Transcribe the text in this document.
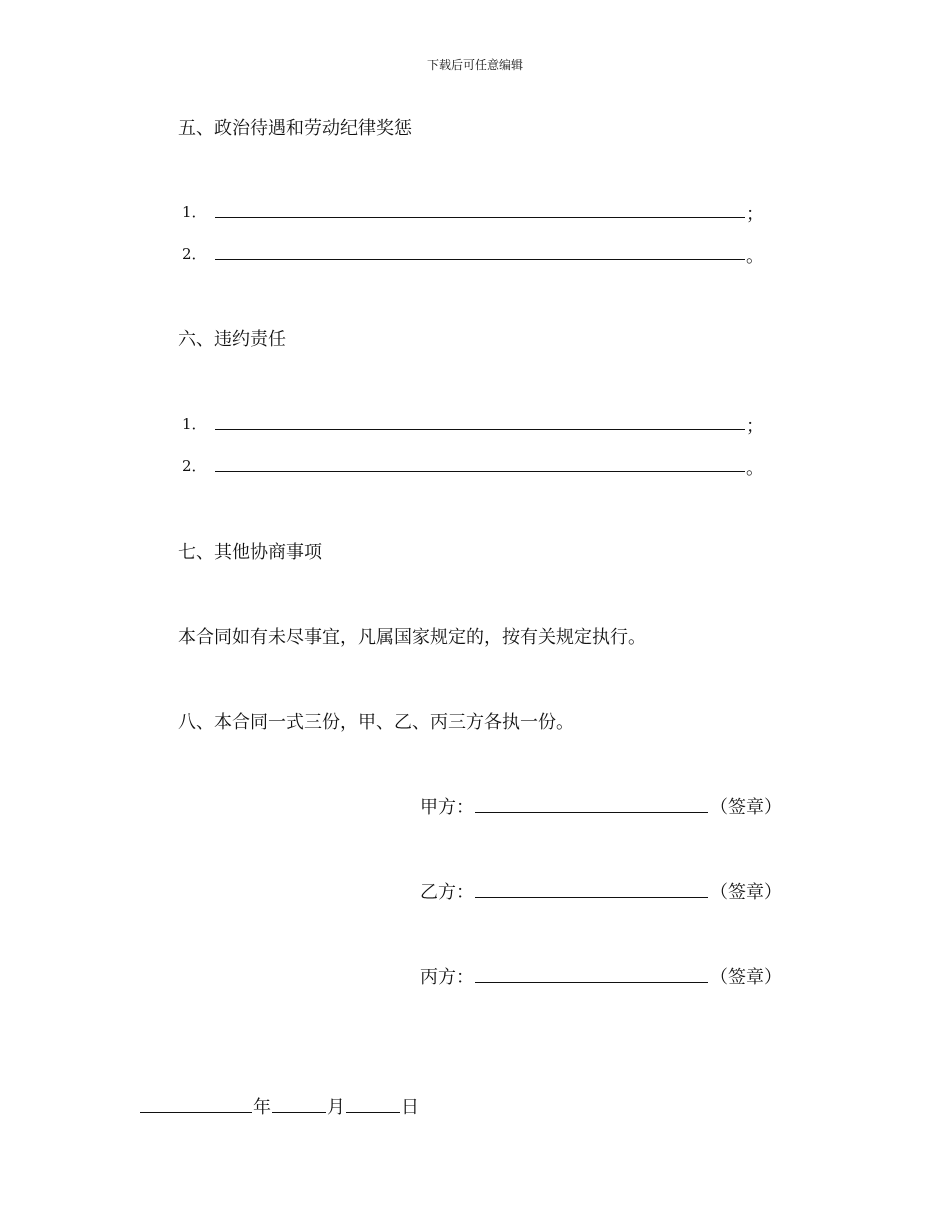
下载后可任意编辑
五、政治待遇和劳动纪律奖惩
1．	；
2．	。
六、违约责任
1．	；
2．	。
七、其他协商事项
本合同如有未尽事宜，凡属国家规定的，按有关规定执行。
八、本合同一式三份，甲、乙、丙三方各执一份。
甲方：	（签章）
乙方：	（签章）
丙方：	（签章）
年	月	日
